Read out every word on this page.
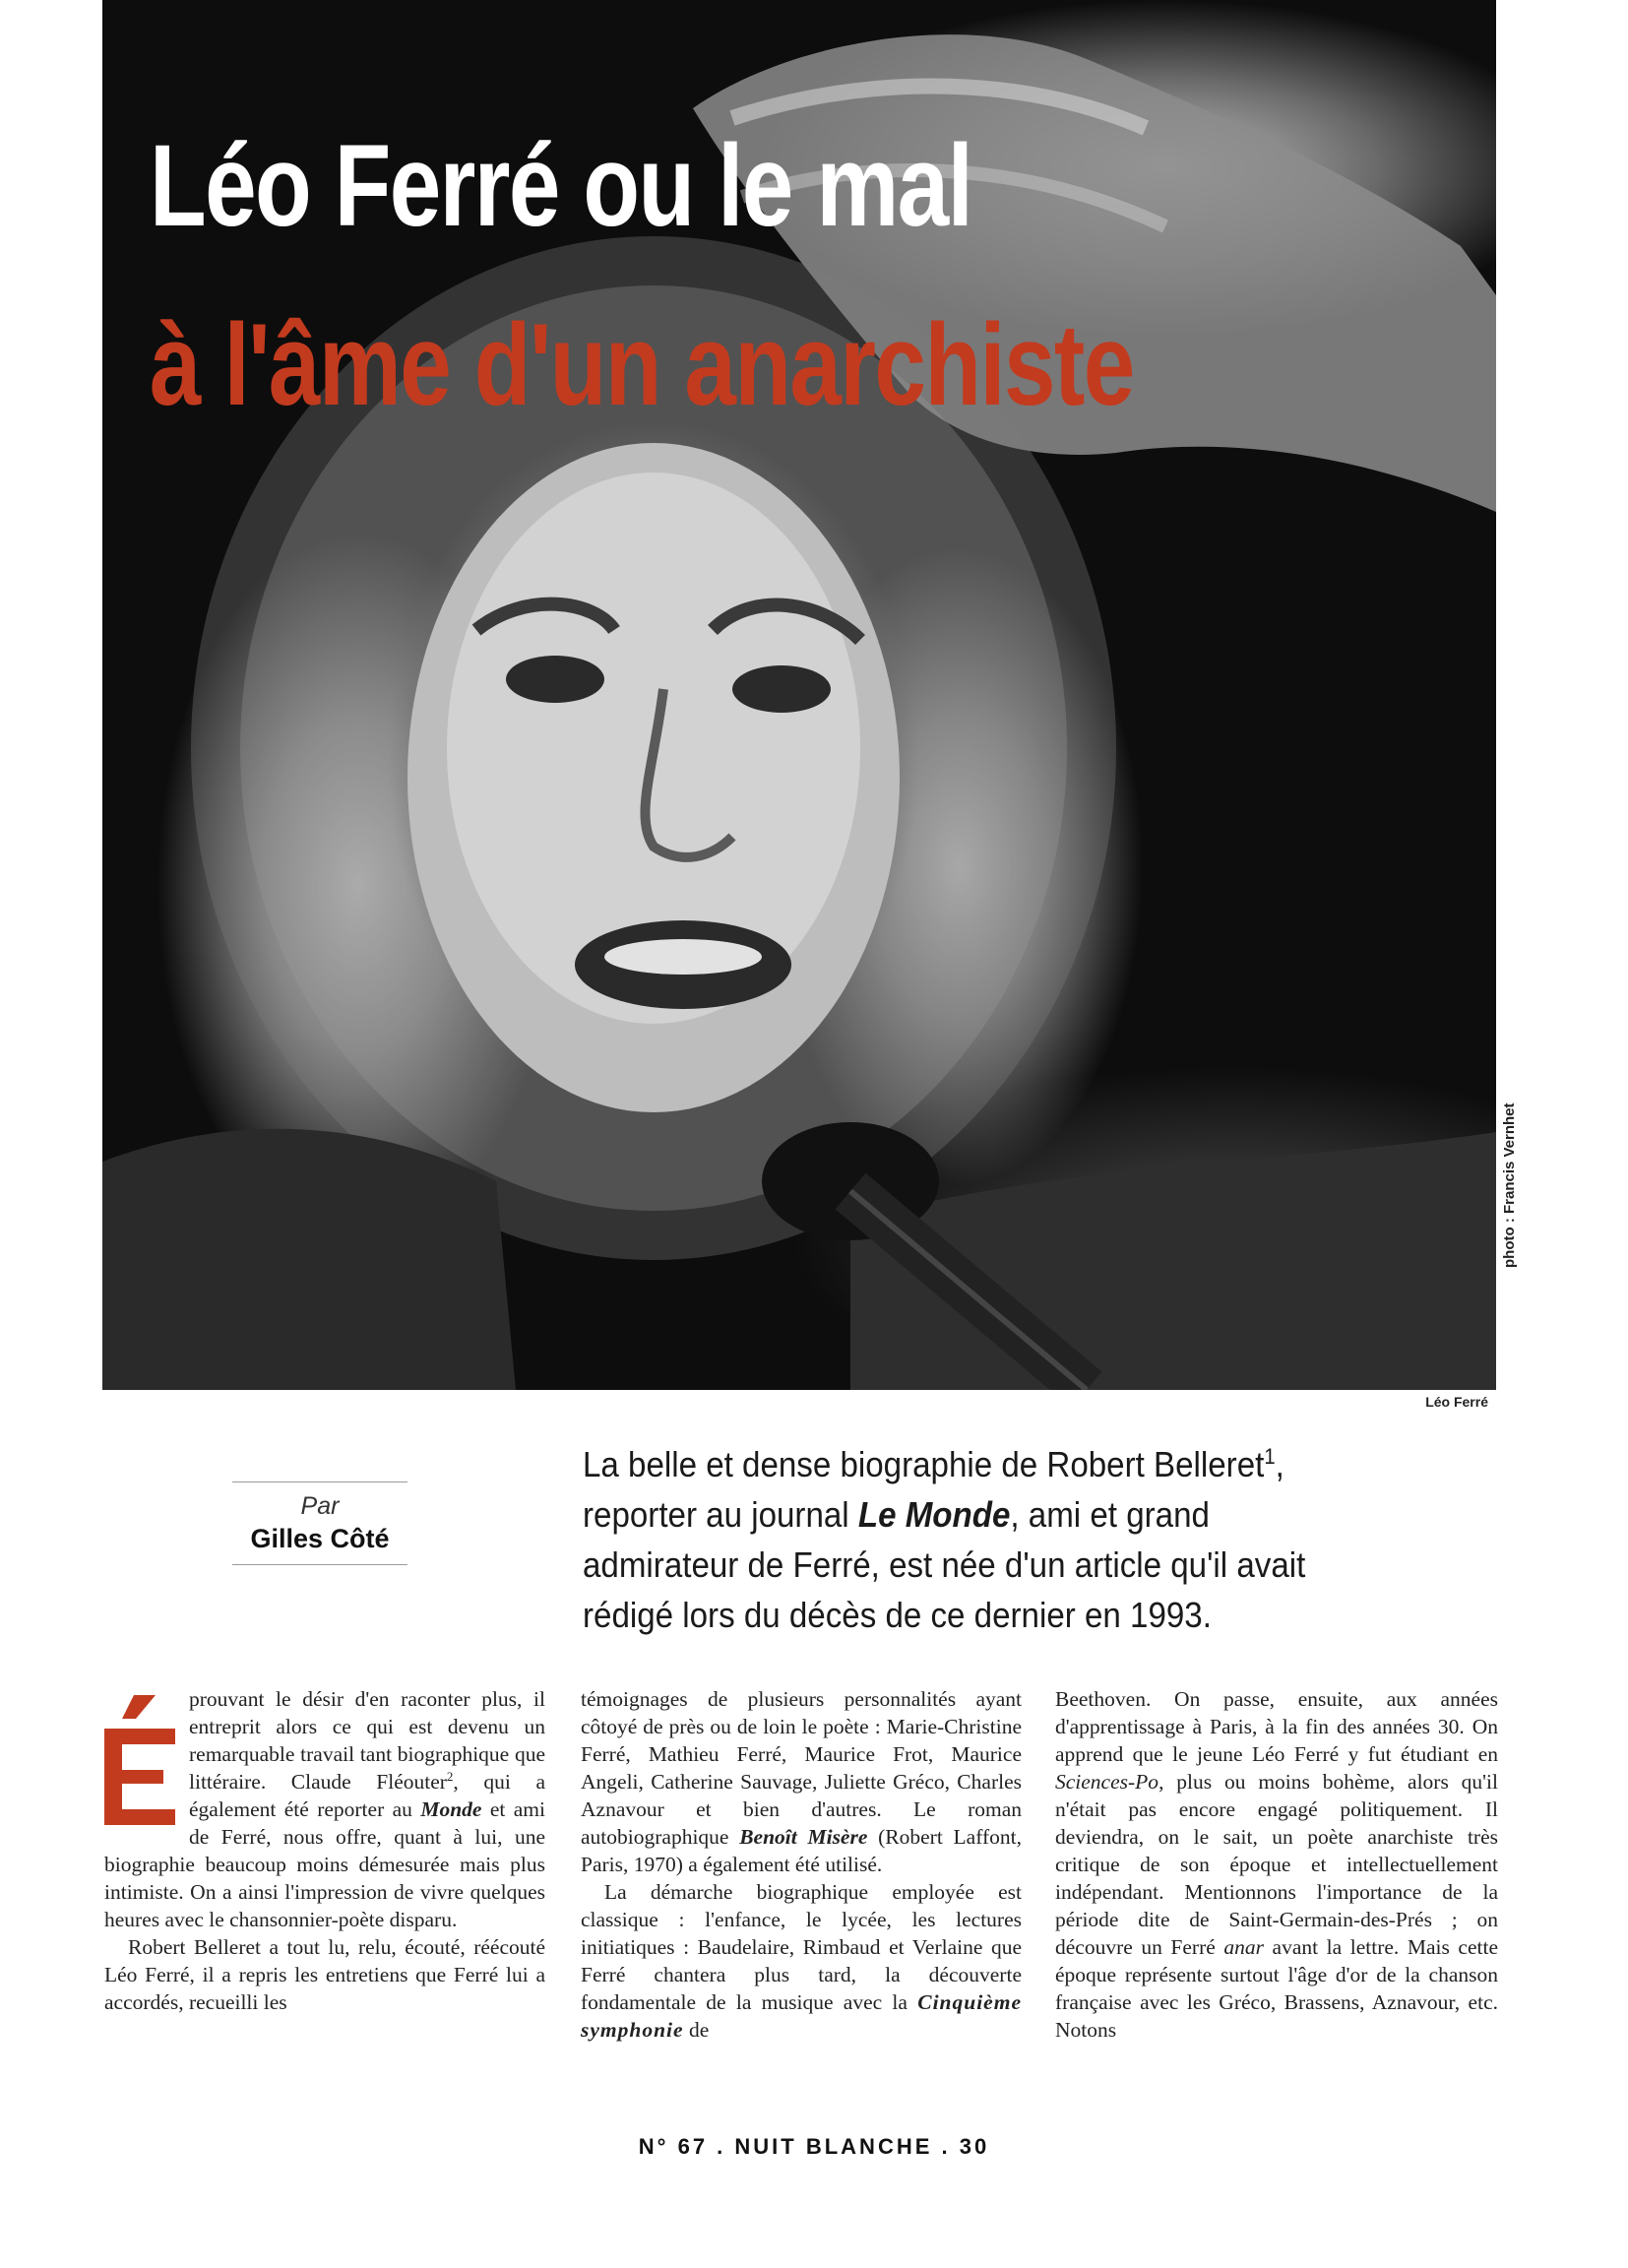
Léo Ferré ou le mal
à l'âme d'un anarchiste
photo : Francis Vernhet
Léo Ferré
Par
Gilles Côté

La belle et dense biographie de Robert Belleret$^1$,

reporter au journal Le Monde, ami et grand

admirateur de Ferré, est née d'un article qu'il avait

rédigé lors du décès de ce dernier en 1993.

prouvant le désir d'en raconter plus, il entreprit alors ce qui est devenu un remarquable travail tant biographique que littéraire. Claude Fléouter$^2$, qui a également été reporter au Monde et ami de Ferré, nous offre, quant à lui, une biographie beaucoup moins démesurée mais plus intimiste. On a ainsi l'impression de vivre quelques heures avec le chansonnier-poète disparu.

Robert Belleret a tout lu, relu, écouté, réécouté Léo Ferré, il a repris les entretiens que Ferré lui a accordés, recueilli les

témoignages de plusieurs personnalités ayant côtoyé de près ou de loin le poète : Marie-Christine Ferré, Mathieu Ferré, Maurice Frot, Maurice Angeli, Catherine Sauvage, Juliette Gréco, Charles Aznavour et bien d'autres. Le roman autobiographique Benoît Misère (Robert Laffont, Paris, 1970) a également été utilisé.

La démarche biographique employée est classique : l'enfance, le lycée, les lectures initiatiques : Baudelaire, Rimbaud et Verlaine que Ferré chantera plus tard, la découverte fondamentale de la musique avec la Cinquième symphonie de

Beethoven. On passe, ensuite, aux années d'apprentissage à Paris, à la fin des années 30. On apprend que le jeune Léo Ferré y fut étudiant en Sciences-Po, plus ou moins bohème, alors qu'il n'était pas encore engagé politiquement. Il deviendra, on le sait, un poète anarchiste très critique de son époque et intellectuellement indépendant. Mentionnons l'importance de la période dite de Saint-Germain-des-Prés ; on découvre un Ferré anar avant la lettre. Mais cette époque représente surtout l'âge d'or de la chanson française avec les Gréco, Brassens, Aznavour, etc. Notons

N° 67 . NUIT BLANCHE . 30
